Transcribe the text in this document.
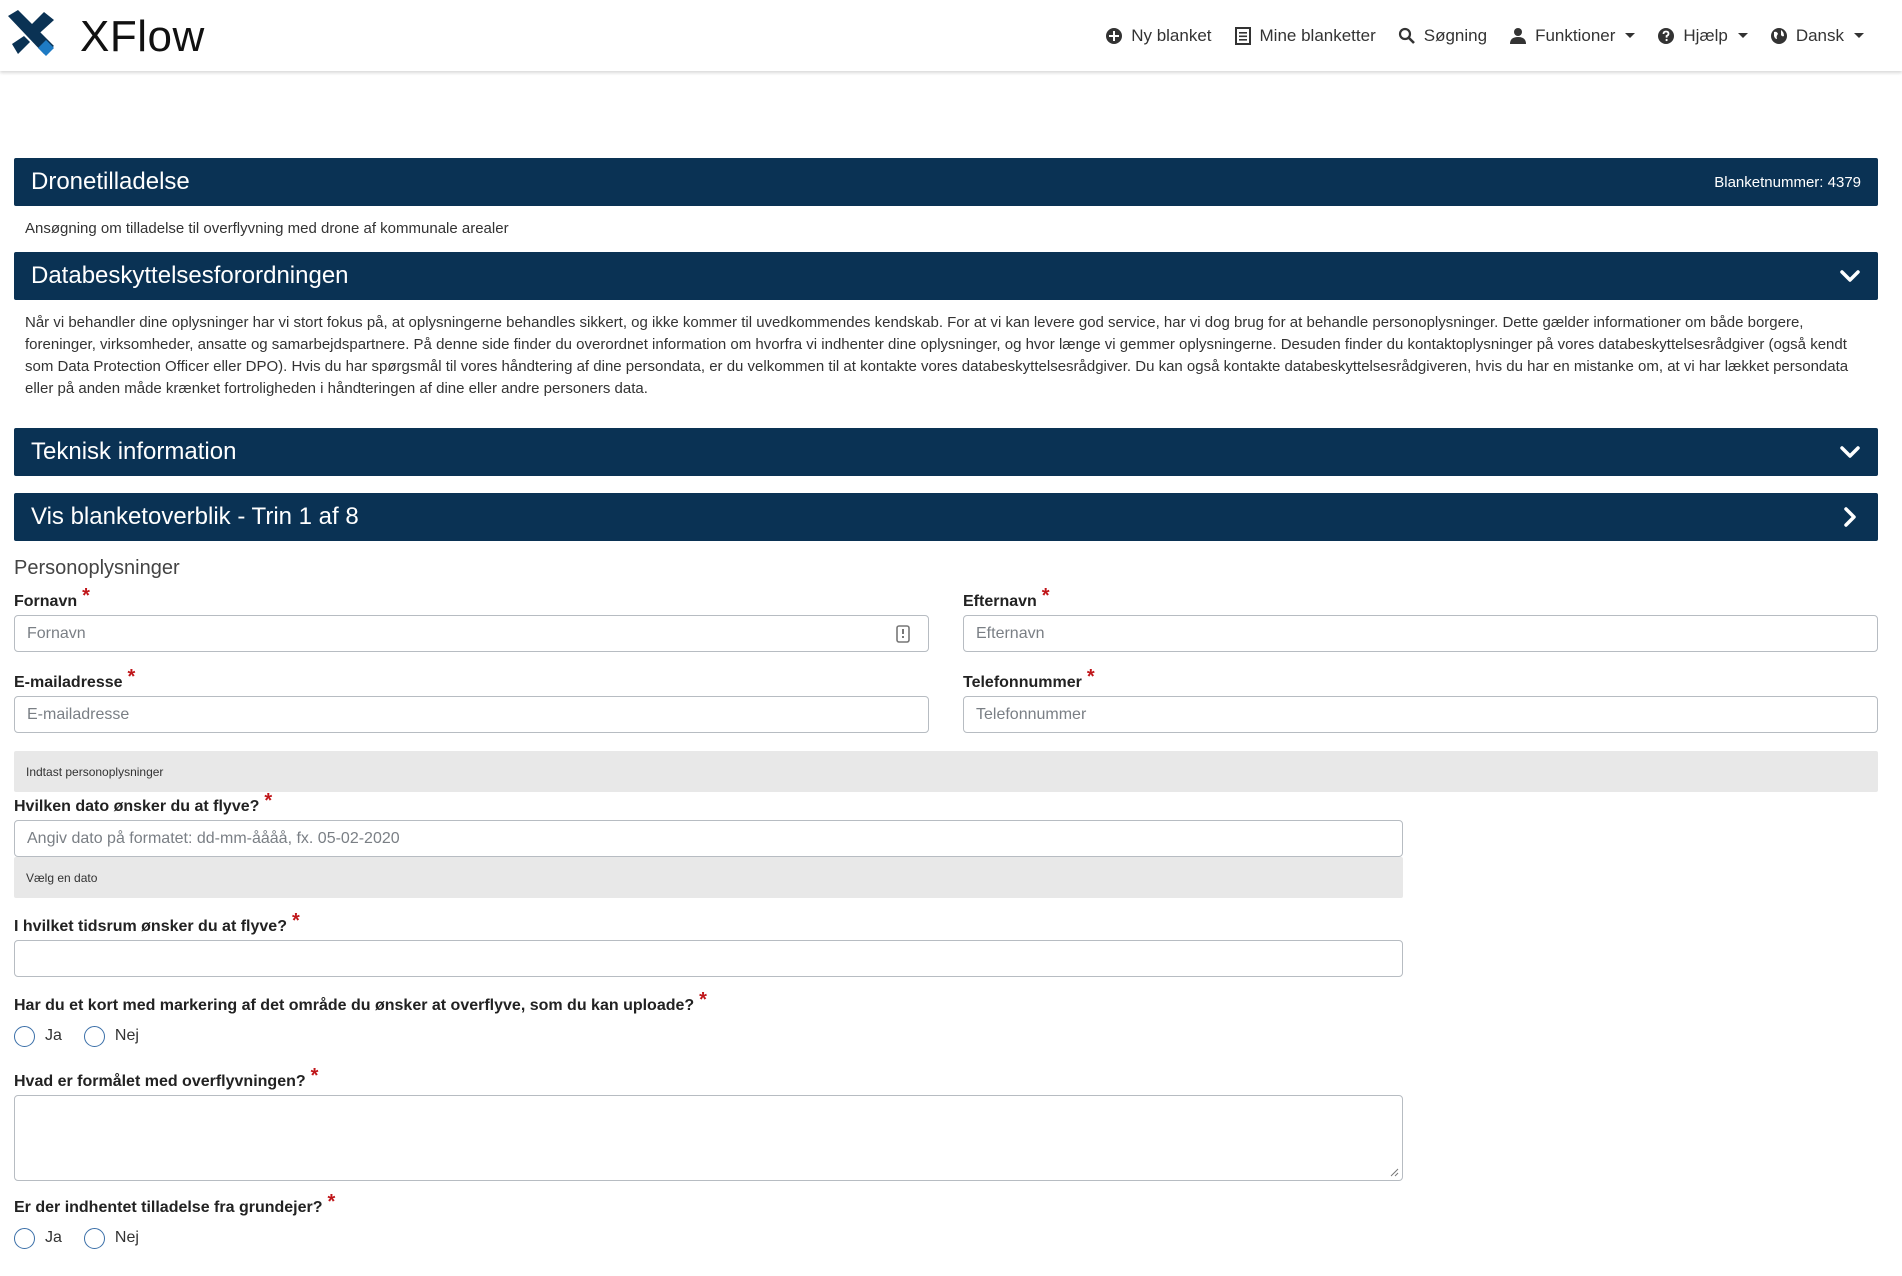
XFlow	Ny blanket	Mine blanketter	Søgning	Funktioner	Hjælp	Dansk
Dronetilladelse	Blanketnummer: 4379
Ansøgning om tilladelse til overflyvning med drone af kommunale arealer
Databeskyttelsesforordningen
Når vi behandler dine oplysninger har vi stort fokus på, at oplysningerne behandles sikkert, og ikke kommer til uvedkommendes kendskab. For at vi kan levere god service, har vi dog brug for at behandle personoplysninger. Dette gælder informationer om både borgere, foreninger, virksomheder, ansatte og samarbejdspartnere. På denne side finder du overordnet information om hvorfra vi indhenter dine oplysninger, og hvor længe vi gemmer oplysningerne. Desuden finder du kontaktoplysninger på vores databeskyttelsesrådgiver (også kendt som Data Protection Officer eller DPO). Hvis du har spørgsmål til vores håndtering af dine persondata, er du velkommen til at kontakte vores databeskyttelsesrådgiver. Du kan også kontakte databeskyttelsesrådgiveren, hvis du har en mistanke om, at vi har lækket persondata eller på anden måde krænket fortroligheden i håndteringen af dine eller andre personers data.
Teknisk information
Vis blanketoverblik - Trin 1 af 8
Personoplysninger
Fornavn *
Fornavn
Efternavn *
Efternavn
E-mailadresse *
E-mailadresse
Telefonnummer *
Telefonnummer
Indtast personoplysninger
Hvilken dato ønsker du at flyve? *
Angiv dato på formatet: dd-mm-åååå, fx. 05-02-2020
Vælg en dato
I hvilket tidsrum ønsker du at flyve? *
Har du et kort med markering af det område du ønsker at overflyve, som du kan uploade? *
Ja	Nej
Hvad er formålet med overflyvningen? *
Er der indhentet tilladelse fra grundejer? *
Ja	Nej
